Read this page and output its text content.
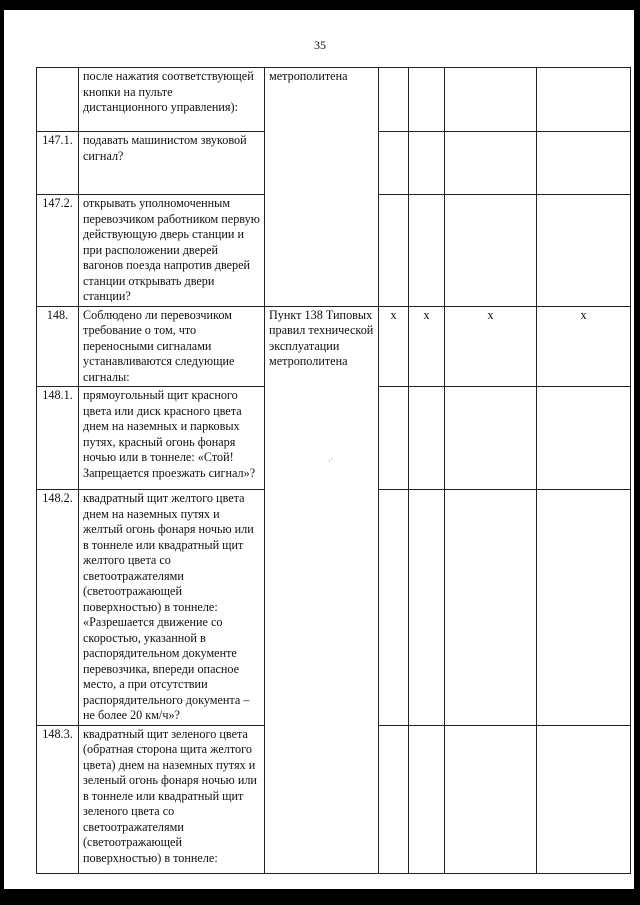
35
	после нажатия соответствующей кнопки на пульте дистанционного управления):	метрополитена				
147.1.	подавать машинистом звуковой сигнал?					
147.2.	открывать уполномоченным перевозчиком работником первую действующую дверь станции и при расположении дверей вагонов поезда напротив дверей станции открывать двери станции?					
148.	Соблюдено ли перевозчиком требование о том, что переносными сигналами устанавливаются следующие сигналы:	Пункт 138 Типовых правил технической эксплуатации метрополитена	x	x	x	x
148.1.	прямоугольный щит красного цвета или диск красного цвета днем на наземных и парковых путях, красный огонь фонаря ночью или в тоннеле: «Стой! Запрещается проезжать сигнал»?					
148.2.	квадратный щит желтого цвета днем на наземных путях и желтый огонь фонаря ночью или в тоннеле или квадратный щит желтого цвета со светоотражателями (светоотражающей поверхностью) в тоннеле: «Разрешается движение со скоростью, указанной в распорядительном документе перевозчика, впереди опасное место, а при отсутствии распорядительного документа – не более 20 км/ч»?					
148.3.	квадратный щит зеленого цвета (обратная сторона щита желтого цвета) днем на наземных путях и зеленый огонь фонаря ночью или в тоннеле или квадратный щит зеленого цвета со светоотражателями (светоотражающей поверхностью) в тоннеле:					
·˙
